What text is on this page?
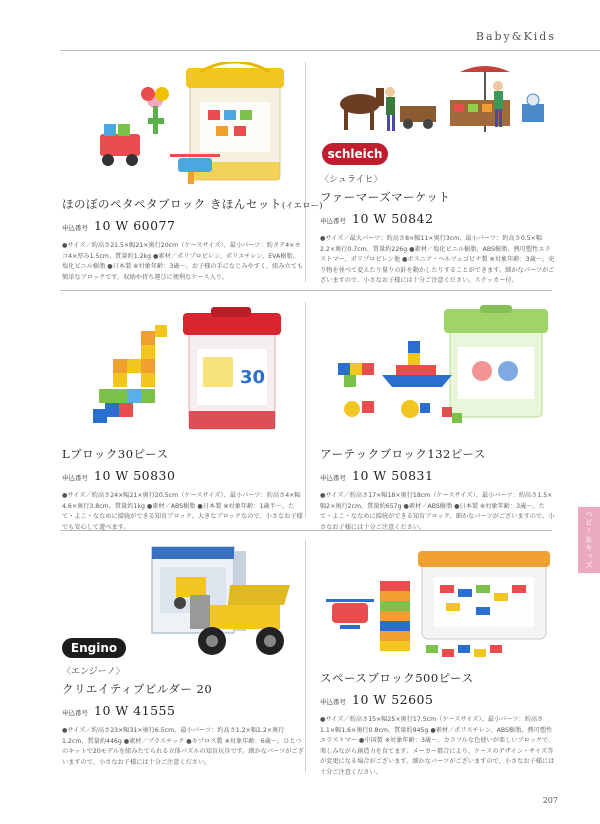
Baby&Kids
ほのぼのペタペタブロック きほんセット(イエロー)
申込番号 10 W 60077
●サイズ／約高さ21.5×幅21×奥行20cm（ケースサイズ）、最小パーツ：約タテ4×ヨコ4×厚み1.5cm、質量約1.2kg ●素材／ポリプロピレン、ポリエチレン、EVA樹脂、塩化ビニル樹脂 ●日本製 ※対象年齢：3歳～。お子様の手になじみやすく、組み立ても簡単なブロックです。収納や持ち運びに便利なケース入り。
schleich
〈シュライヒ〉
ファーマーズマーケット
申込番号 10 W 50842
●サイズ／最大パーツ：約高さ8×幅11×奥行3cm、最小パーツ：約高さ0.5×幅2.2×奥行0.7cm、質量約226g ●素材／塩化ビニル樹脂、ABS樹脂、熱可塑性エラストマー、ポリプロピレン他 ●ボスニア・ヘルツェゴビナ製 ※対象年齢：3歳～。売り物を並べて変えたり量りの針を動かしたりすることができます。細かなパーツがございますので、小さなお子様には十分ご注意ください。ステッカー付。
30
Lブロック30ピース
申込番号 10 W 50830
●サイズ／約高さ24×幅21×奥行20.5cm（ケースサイズ）、最小パーツ：約高さ4×幅4.6×奥行3.8cm、質量約1kg ●素材／ABS樹脂 ●日本製 ※対象年齢：1歳半～。たて・よこ・ななめに接続ができる知育ブロック。大きなブロックなので、小さなお子様でも安心して遊べます。
アーテックブロック132ピース
申込番号 10 W 50831
●サイズ／約高さ17×幅18×奥行18cm（ケースサイズ）、最小パーツ：約高さ1.5×幅2×奥行2cm、質量約657g ●素材／ABS樹脂 ●日本製 ※対象年齢：3歳～。たて・よこ・ななめに接続ができる知育ブロック。細かなパーツがございますので、小さなお子様には十分ご注意ください。
Engino
〈エンジーノ〉
クリエイティブビルダー 20
申込番号 10 W 41555
●サイズ／約高さ23×幅31×奥行6.5cm、最小パーツ：約高さ1.2×幅1.2×奥行1.2cm、質量約446g ●素材／プラスチック ●キプロス製 ※対象年齢：6歳～。ひとつのキットで20モデルを組みたてられる立体パズルの知育玩具です。細かなパーツがございますので、小さなお子様には十分ご注意ください。
スペースブロック500ピース
申込番号 10 W 52605
●サイズ／約高さ15×幅25×奥行17.5cm（ケースサイズ）、最小パーツ：約高さ1.1×幅1.6×奥行0.8cm、質量約945g ●素材／ポリスチレン、ABS樹脂、熱可塑性エラストマー ●中国製 ※対象年齢：3歳～。カラフルな色使いが楽しいブロックで、楽しみながら創造力を育てます。メーカー都合により、ケースのデザイン・サイズ等が変更になる場合がございます。細かなパーツがございますので、小さなお子様には十分ご注意ください。
ベビー＆キッズ
207
